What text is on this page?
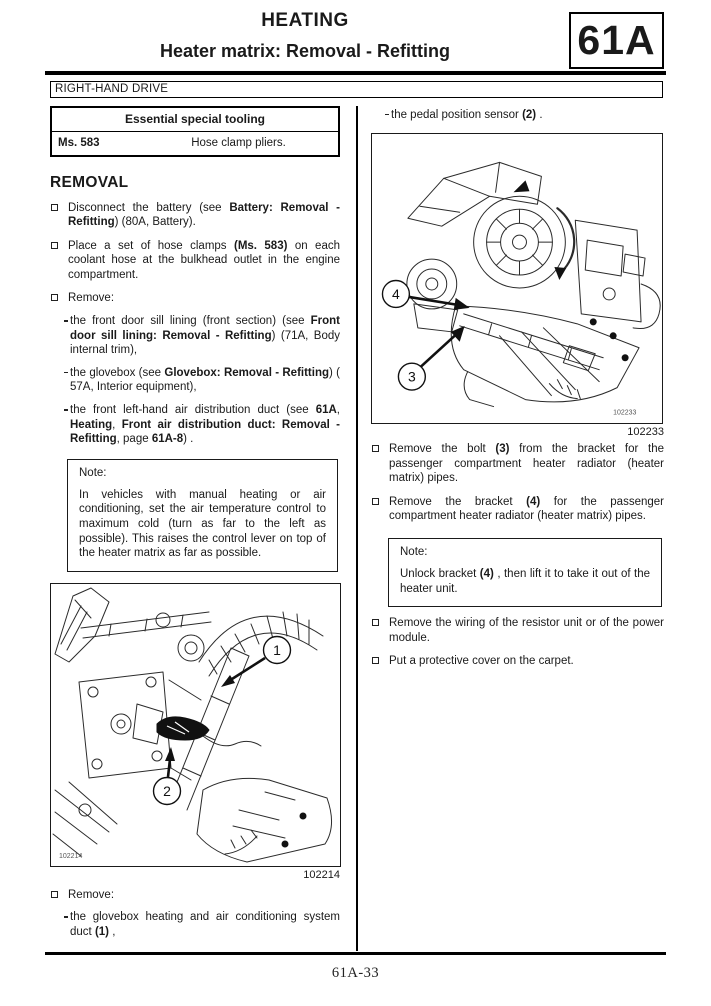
HEATING
Heater matrix: Removal - Refitting	61A
RIGHT-HAND DRIVE
Essential special tooling
Ms. 583	Hose clamp pliers.
REMOVAL
Disconnect the battery (see Battery: Removal - Refitting) (80A, Battery).
Place a set of hose clamps (Ms. 583) on each coolant hose at the bulkhead outlet in the engine compartment.
Remove:
the front door sill lining (front section) (see Front door sill lining: Removal - Refitting) (71A, Body internal trim),
the glovebox (see Glovebox: Removal - Refitting) ( 57A, Interior equipment),
the front left-hand air distribution duct (see 61A, Heating, Front air distribution duct: Removal - Refitting, page 61A-8) .
Note:
In vehicles with manual heating or air conditioning, set the air temperature control to maximum cold (turn as far to the left as possible). This raises the control lever on top of the heater matrix as far as possible.
1
2
102214
102214
Remove:
the glovebox heating and air conditioning system duct (1) ,
the pedal position sensor (2) .
4
3
102233
102233
Remove the bolt (3) from the bracket for the passenger compartment heater radiator (heater matrix) pipes.
Remove the bracket (4) for the passenger compartment heater radiator (heater matrix) pipes.
Note:
Unlock bracket (4) , then lift it to take it out of the heater unit.
Remove the wiring of the resistor unit or of the power module.
Put a protective cover on the carpet.
61A-33
